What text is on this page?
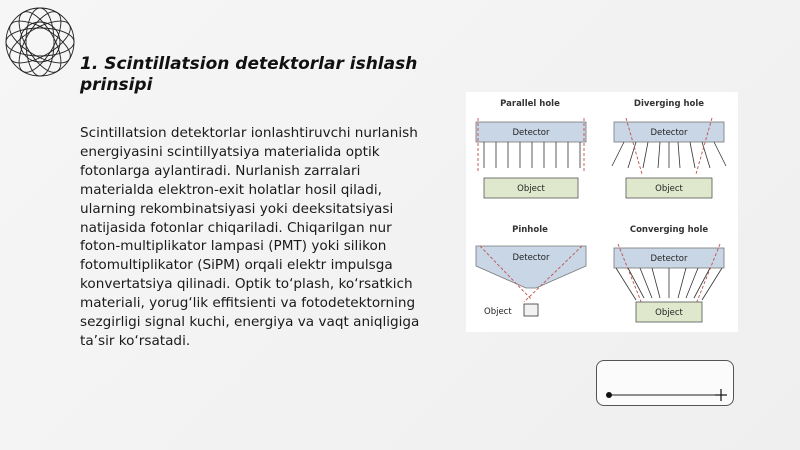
1. Scintillatsion detektorlar ishlash prinsipi
Scintillatsion detektorlar ionlashtiruvchi nurlanish energiyasini scintillyatsiya materialida optik fotonlarga aylantiradi. Nurlanish zarralari materialda elektron-exit holatlar hosil qiladi, ularning rekombinatsiyasi yoki deeksitatsiyasi natijasida fotonlar chiqariladi. Chiqarilgan nur foton-multiplikator lampasi (PMT) yoki silikon fotomultiplikator (SiPM) orqali elektr impulsga konvertatsiya qilinadi. Optik to‘plash, ko‘rsatkich materiali, yorug‘lik effitsienti va fotodetektorning sezgirligi signal kuchi, energiya va vaqt aniqligiga ta’sir ko‘rsatadi.
Parallel hole
Detector
Object
Diverging hole
Detector
Object
Pinhole
Detector
Object
Converging hole
Detector
Object
